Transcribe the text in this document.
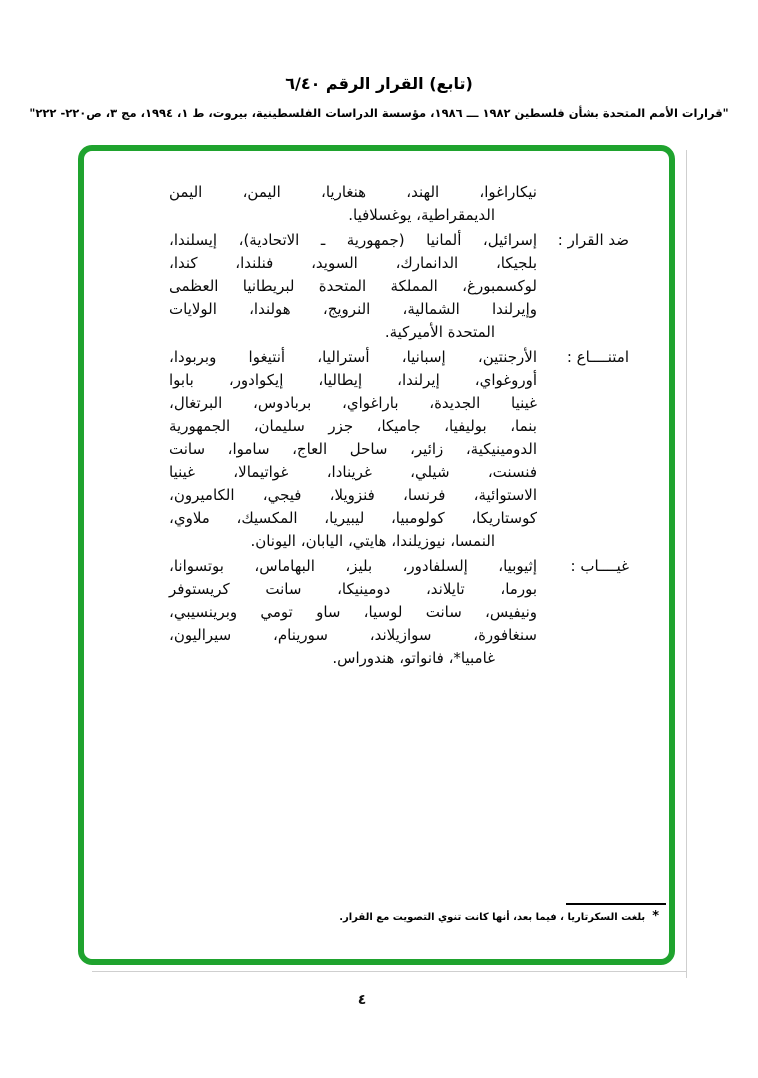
(تابع) القرار الرقم ٦/٤٠
"قرارات الأمم المتحدة بشأن فلسطين ١٩٨٢ ـــ ١٩٨٦، مؤسسة الدراسات الفلسطينية، بيروت، ط ١، ١٩٩٤، مج ٣، ص٢٢٠- ٢٢٢"
نيكاراغوا، الهند، هنغاريا، اليمن، اليمن
الديمقراطية، يوغسلافيا.
ضد القرار :
إسرائيل، ألمانيا (جمهورية ـ الاتحادية)، إيسلندا،
بلجيكا، الدانمارك، السويد، فنلندا، كندا،
لوكسمبورغ، المملكة المتحدة لبريطانيا العظمى
وإيرلندا الشمالية، النرويج، هولندا، الولايات
المتحدة الأميركية.
امتنــــاع :
الأرجنتين، إسبانيا، أستراليا، أنتيغوا وبربودا،
أوروغواي، إيرلندا، إيطاليا، إيكوادور، بابوا
غينيا الجديدة، باراغواي، بربادوس، البرتغال،
بنما، بوليفيا، جاميكا، جزر سليمان، الجمهورية
الدومينيكية، زائير، ساحل العاج، ساموا، سانت
فنسنت، شيلي، غرينادا، غواتيمالا، غينيا
الاستوائية، فرنسا، فنزويلا، فيجي، الكاميرون،
كوستاريكا، كولومبيا، ليبيريا، المكسيك، ملاوي،
النمسا، نيوزيلندا، هايتي، اليابان، اليونان.
غيــــاب :
إثيوبيا، إلسلفادور، بليز، البهاماس، بوتسوانا،
بورما، تايلاند، دومينيكا، سانت كريستوفر
ونيفيس، سانت لوسيا، ساو تومي وبرينسيبي،
سنغافورة، سوازيلاند، سورينام، سيراليون،
غامبيا*، فانواتو، هندوراس.
*
بلغت السكرتاريا ، فيما بعد، أنها كانت تنوي التصويت مع القرار.
٤
